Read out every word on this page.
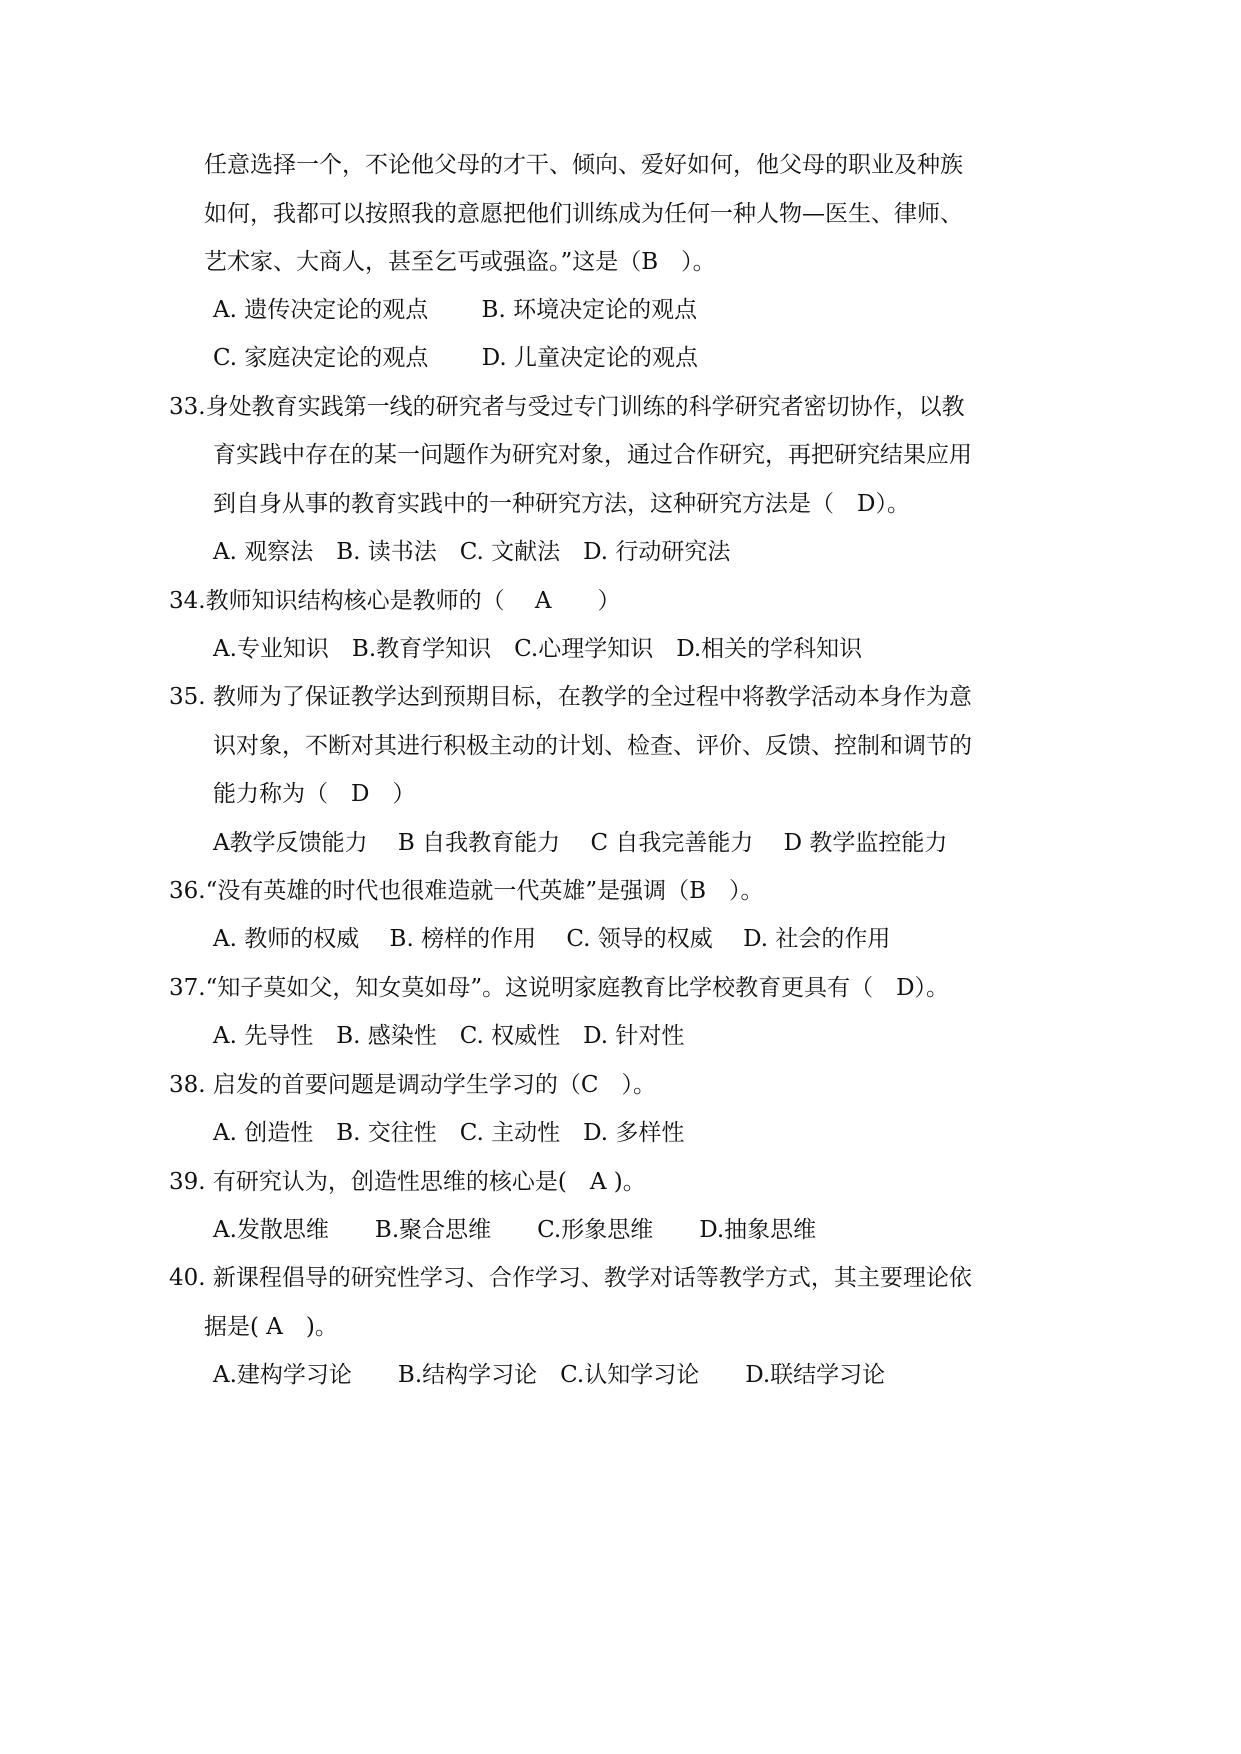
任意选择一个，不论他父母的才干、倾向、爱好如何，他父母的职业及种族
如何，我都可以按照我的意愿把他们训练成为任何一种人物—医生、律师、
艺术家、大商人，甚至乞丐或强盗。”这是（B　）。
A. 遗传决定论的观点　　 B. 环境决定论的观点
C. 家庭决定论的观点　　 D. 儿童决定论的观点
33.身处教育实践第一线的研究者与受过专门训练的科学研究者密切协作，以教
育实践中存在的某一问题作为研究对象，通过合作研究，再把研究结果应用
到自身从事的教育实践中的一种研究方法，这种研究方法是（　D）。
A. 观察法　B. 读书法　C. 文献法　D. 行动研究法
34.教师知识结构核心是教师的（　 A　　）
A.专业知识　B.教育学知识　C.心理学知识　D.相关的学科知识
35. 教师为了保证教学达到预期目标，在教学的全过程中将教学活动本身作为意
识对象，不断对其进行积极主动的计划、检查、评价、反馈、控制和调节的
能力称为（　D　）
A教学反馈能力　 B 自我教育能力　 C 自我完善能力　 D 教学监控能力
36.“没有英雄的时代也很难造就一代英雄”是强调（B　）。
A. 教师的权威　 B. 榜样的作用　 C. 领导的权威　 D. 社会的作用
37.“知子莫如父，知女莫如母”。这说明家庭教育比学校教育更具有（　D）。
A. 先导性　B. 感染性　C. 权威性　D. 针对性
38. 启发的首要问题是调动学生学习的（C　）。
A. 创造性　B. 交往性　C. 主动性　D. 多样性
39. 有研究认为，创造性思维的核心是(　A )。
A.发散思维　　B.聚合思维　　C.形象思维　　D.抽象思维
40. 新课程倡导的研究性学习、合作学习、教学对话等教学方式，其主要理论依
据是( A　)。
A.建构学习论　　B.结构学习论　C.认知学习论　　D.联结学习论
